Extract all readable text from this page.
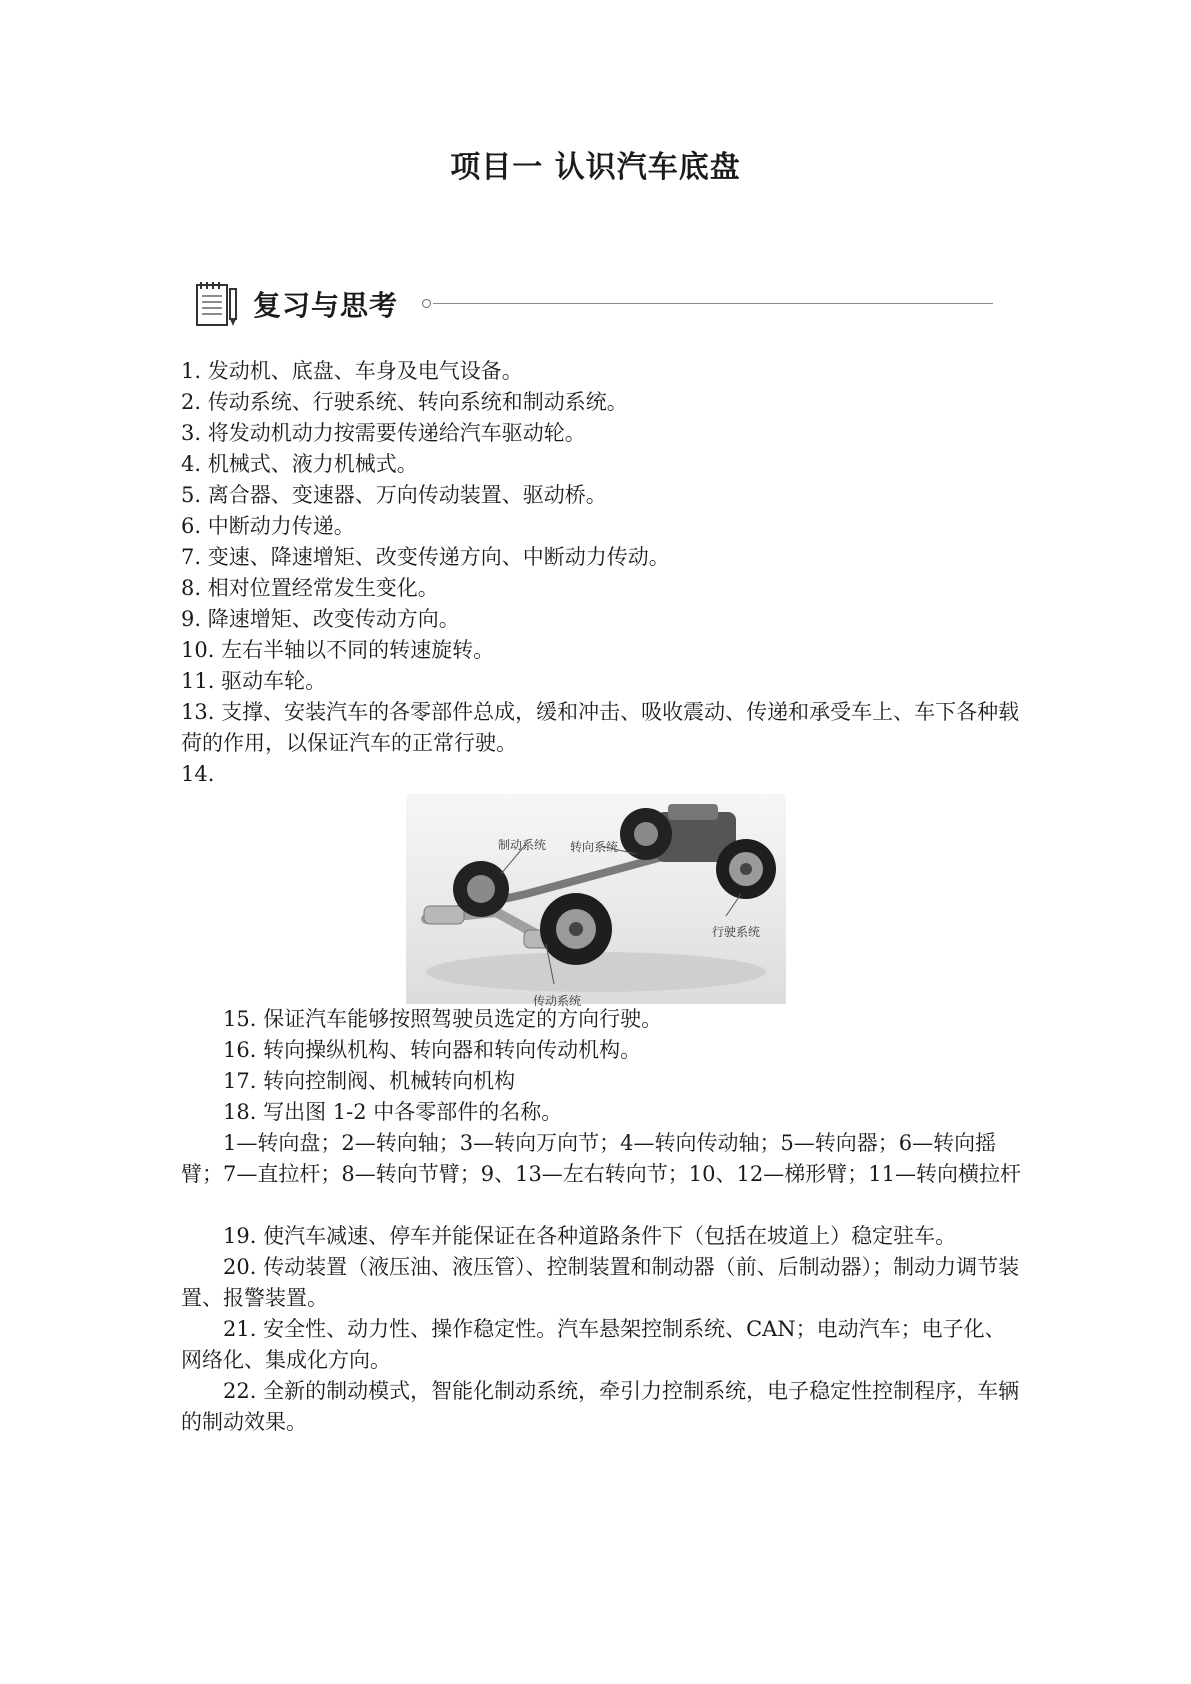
项目一 认识汽车底盘
复习与思考

1. 发动机、底盘、车身及电气设备。

2. 传动系统、行驶系统、转向系统和制动系统。

3. 将发动机动力按需要传递给汽车驱动轮。

4. 机械式、液力机械式。

5. 离合器、变速器、万向传动装置、驱动桥。

6. 中断动力传递。

7. 变速、降速增矩、改变传递方向、中断动力传动。

8. 相对位置经常发生变化。

9. 降速增矩、改变传动方向。

10. 左右半轴以不同的转速旋转。

11. 驱动车轮。

13. 支撑、安装汽车的各零部件总成，缓和冲击、吸收震动、传递和承受车上、车下各种载荷的作用，以保证汽车的正常行驶。

14.

制动系统 转向系统
行驶系统
传动系统

15. 保证汽车能够按照驾驶员选定的方向行驶。

16. 转向操纵机构、转向器和转向传动机构。

17. 转向控制阀、机械转向机构

18. 写出图 1-2 中各零部件的名称。

1—转向盘；2—转向轴；3—转向万向节；4—转向传动轴；5—转向器；6—转向摇臂；7—直拉杆；8—转向节臂；9、13—左右转向节；10、12—梯形臂；11—转向横拉杆

19. 使汽车减速、停车并能保证在各种道路条件下（包括在坡道上）稳定驻车。

20. 传动装置（液压油、液压管）、控制装置和制动器（前、后制动器）；制动力调节装置、报警装置。

21. 安全性、动力性、操作稳定性。汽车悬架控制系统、CAN；电动汽车；电子化、网络化、集成化方向。

22. 全新的制动模式，智能化制动系统，牵引力控制系统，电子稳定性控制程序，车辆的制动效果。
